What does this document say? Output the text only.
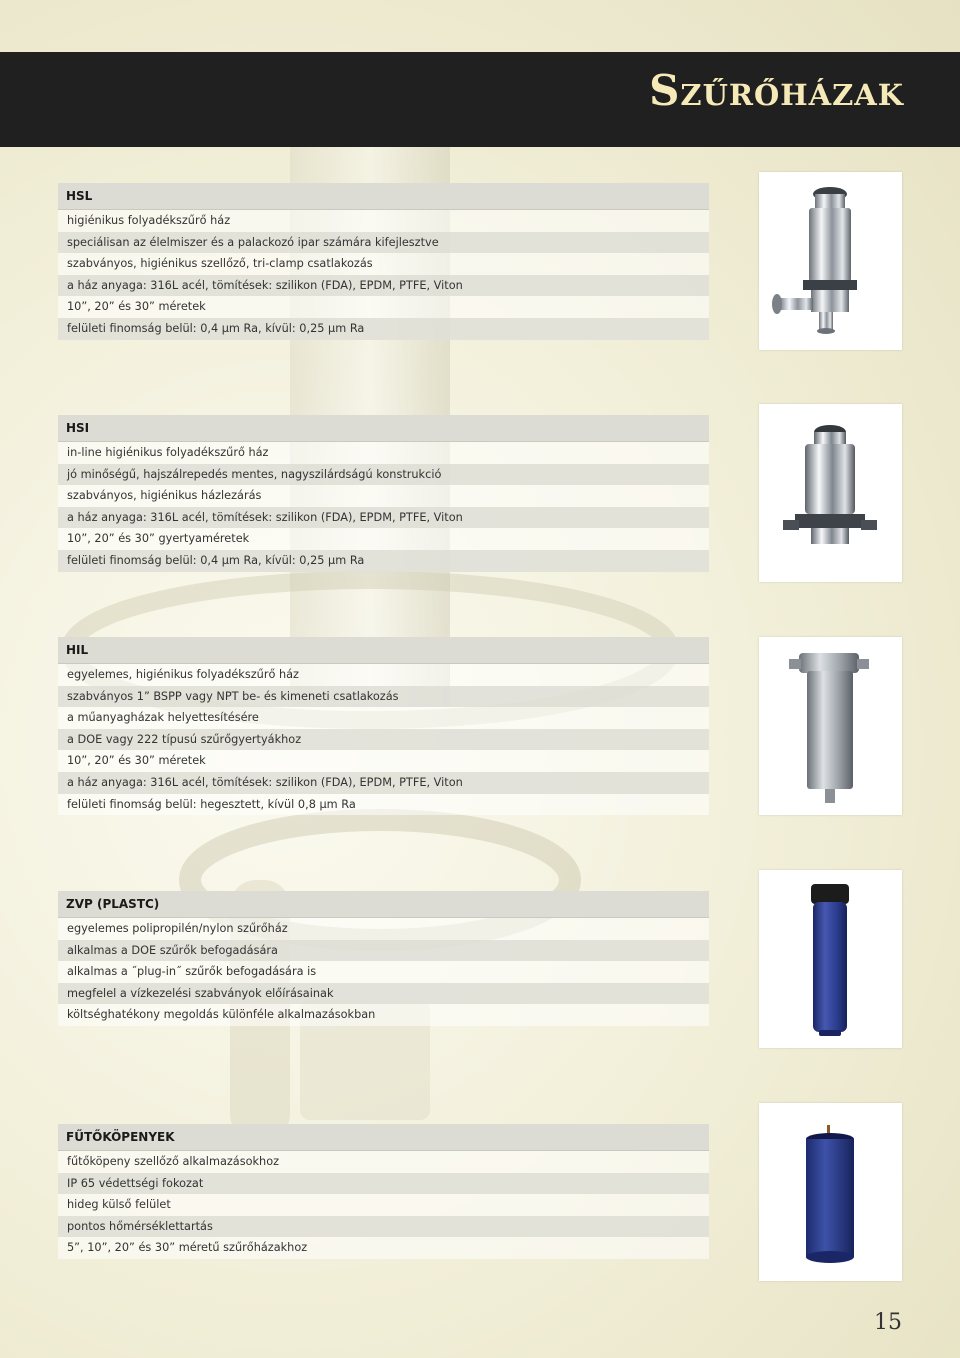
Szűrőházak
HSL
higiénikus folyadékszűrő ház
speciálisan az élelmiszer és a palackozó ipar számára kifejlesztve
szabványos, higiénikus szellőző, tri-clamp csatlakozás
a ház anyaga: 316L acél, tömítések: szilikon (FDA), EPDM, PTFE, Viton
10”, 20” és 30” méretek
felületi finomság belül: 0,4 µm Ra, kívül: 0,25 µm Ra
HSI
in-line higiénikus folyadékszűrő ház
jó minőségű, hajszálrepedés mentes, nagyszilárdságú konstrukció
szabványos, higiénikus házlezárás
a ház anyaga: 316L acél, tömítések: szilikon (FDA), EPDM, PTFE, Viton
10”, 20” és 30” gyertyaméretek
felületi finomság belül: 0,4 µm Ra, kívül: 0,25 µm Ra
HIL
egyelemes, higiénikus folyadékszűrő ház
szabványos 1” BSPP vagy NPT be- és kimeneti csatlakozás
a műanyagházak helyettesítésére
a DOE vagy 222 típusú szűrőgyertyákhoz
10”, 20” és 30” méretek
a ház anyaga: 316L acél, tömítések: szilikon (FDA), EPDM, PTFE, Viton
felületi finomság belül: hegesztett, kívül 0,8 µm Ra
ZVP (PLASTC)
egyelemes polipropilén/nylon szűrőház
alkalmas a DOE szűrők befogadására
alkalmas a ˝plug-in˝ szűrők befogadására is
megfelel a vízkezelési szabványok előírásainak
költséghatékony megoldás különféle alkalmazásokban
FŰTŐKÖPENYEK
fűtőköpeny szellőző alkalmazásokhoz
IP 65 védettségi fokozat
hideg külső felület
pontos hőmérséklettartás
5”, 10”, 20” és 30” méretű szűrőházakhoz
15
